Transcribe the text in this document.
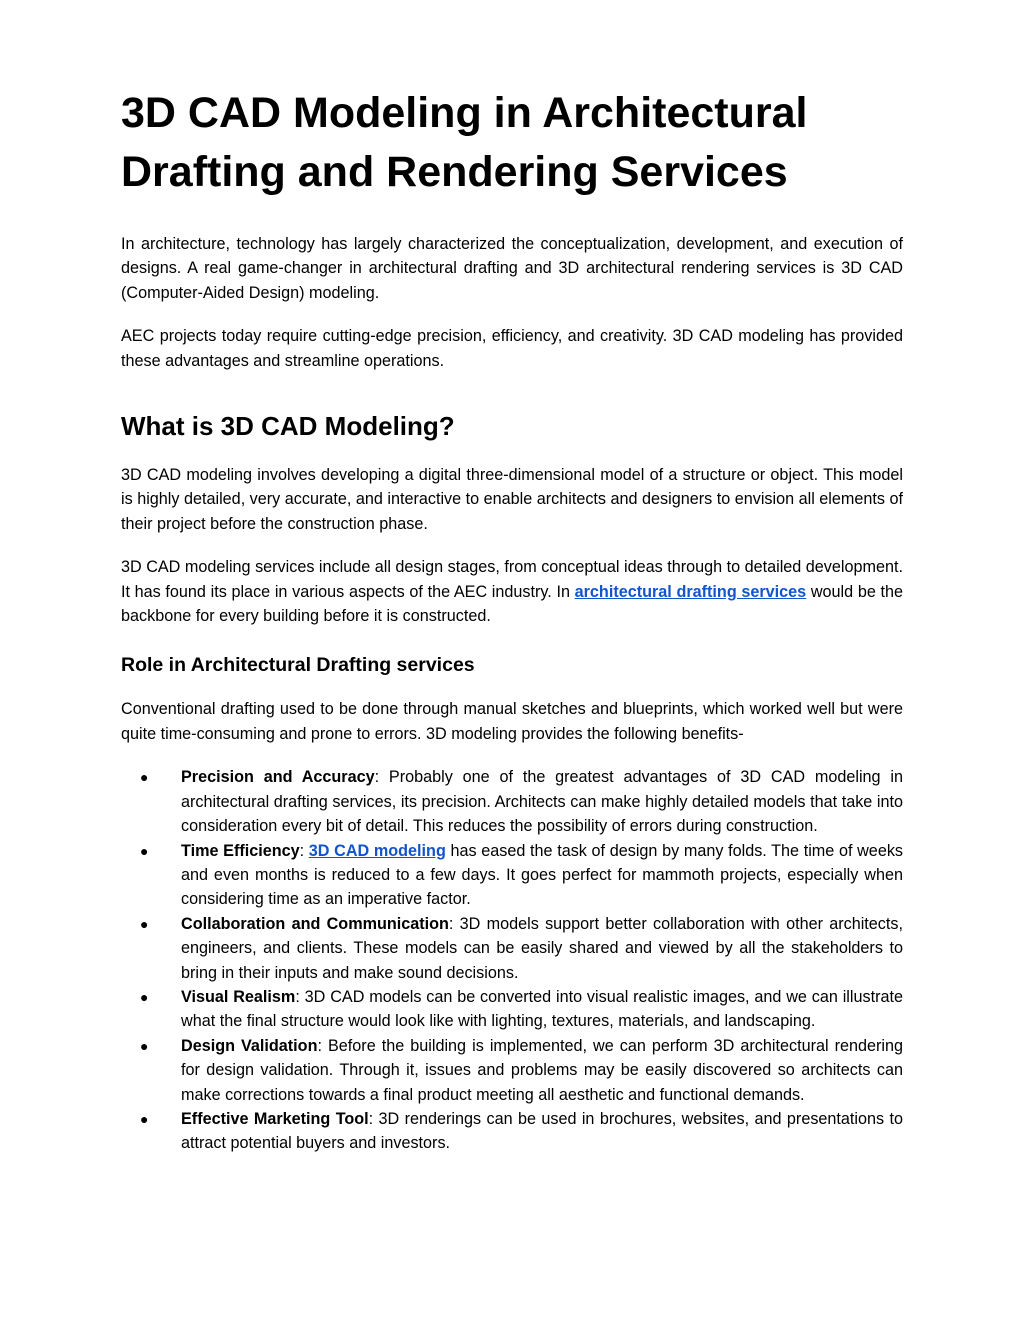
3D CAD Modeling in Architectural Drafting and Rendering Services

In architecture, technology has largely characterized the conceptualization, development, and execution of designs. A real game-changer in architectural drafting and 3D architectural rendering services is 3D CAD (Computer-Aided Design) modeling.

AEC projects today require cutting-edge precision, efficiency, and creativity. 3D CAD modeling has provided these advantages and streamline operations.

What is 3D CAD Modeling?

3D CAD modeling involves developing a digital three-dimensional model of a structure or object. This model is highly detailed, very accurate, and interactive to enable architects and designers to envision all elements of their project before the construction phase.

3D CAD modeling services include all design stages, from conceptual ideas through to detailed development. It has found its place in various aspects of the AEC industry. In architectural drafting services would be the backbone for every building before it is constructed.

Role in Architectural Drafting services

Conventional drafting used to be done through manual sketches and blueprints, which worked well but were quite time-consuming and prone to errors. 3D modeling provides the following benefits-

● Precision and Accuracy: Probably one of the greatest advantages of 3D CAD modeling in architectural drafting services, its precision. Architects can make highly detailed models that take into consideration every bit of detail. This reduces the possibility of errors during construction.
● Time Efficiency: 3D CAD modeling has eased the task of design by many folds. The time of weeks and even months is reduced to a few days. It goes perfect for mammoth projects, especially when considering time as an imperative factor.
● Collaboration and Communication: 3D models support better collaboration with other architects, engineers, and clients. These models can be easily shared and viewed by all the stakeholders to bring in their inputs and make sound decisions.
● Visual Realism: 3D CAD models can be converted into visual realistic images, and we can illustrate what the final structure would look like with lighting, textures, materials, and landscaping.
● Design Validation: Before the building is implemented, we can perform 3D architectural rendering for design validation. Through it, issues and problems may be easily discovered so architects can make corrections towards a final product meeting all aesthetic and functional demands.
● Effective Marketing Tool: 3D renderings can be used in brochures, websites, and presentations to attract potential buyers and investors.
